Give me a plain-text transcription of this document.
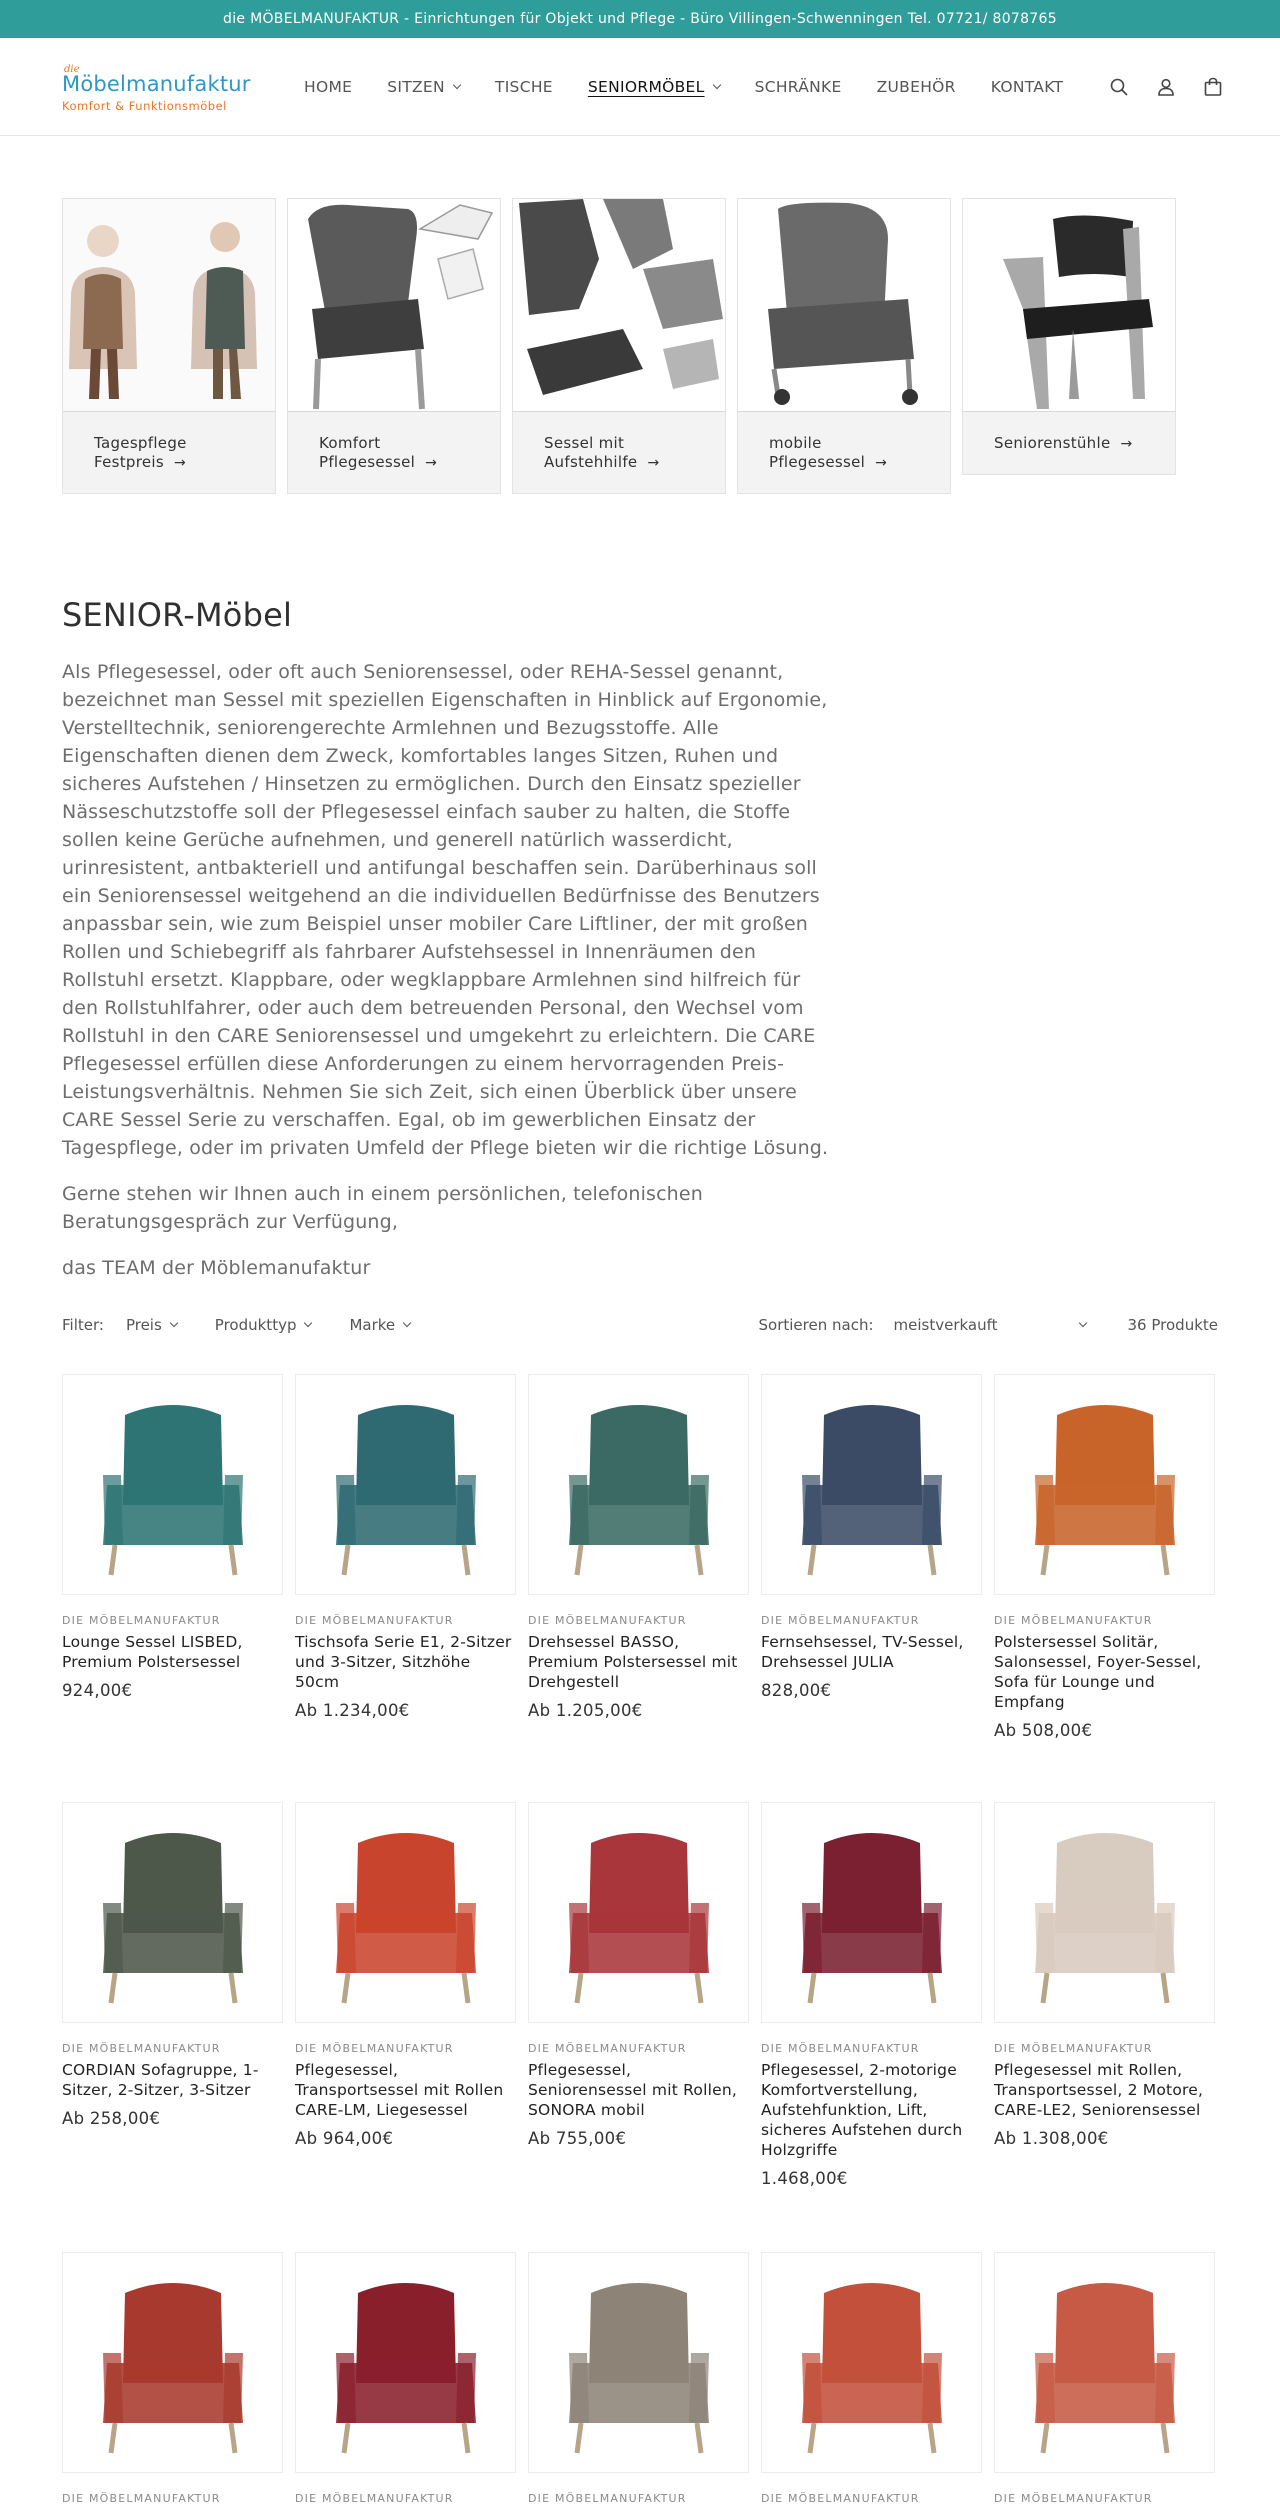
die MÖBELMANUFAKTUR - Einrichtungen für Objekt und Pflege - Büro Villingen-Schwenningen Tel. 07721/ 8078765
die
Möbelmanufaktur
Komfort & Funktionsmöbel
HOME SITZEN	TISCHE SENIORMÖBEL	SCHRÄNKE ZUBEHÖR KONTAKT
Tagespflege Festpreis →
Komfort Pflegesessel →
Sessel mit Aufstehhilfe →
mobile Pflegesessel →
Seniorenstühle →
SENIOR-Möbel

Als Pflegesessel, oder oft auch Seniorensessel, oder REHA-Sessel genannt, bezeichnet man Sessel mit speziellen Eigenschaften in Hinblick auf Ergonomie, Verstelltechnik, seniorengerechte Armlehnen und Bezugsstoffe. Alle Eigenschaften dienen dem Zweck, komfortables langes Sitzen, Ruhen und sicheres Aufstehen / Hinsetzen zu ermöglichen. Durch den Einsatz spezieller Nässeschutzstoffe soll der Pflegesessel einfach sauber zu halten, die Stoffe sollen keine Gerüche aufnehmen, und generell natürlich wasserdicht, urinresistent, antbakteriell und antifungal beschaffen sein. Darüberhinaus soll ein Seniorensessel weitgehend an die individuellen Bedürfnisse des Benutzers anpassbar sein, wie zum Beispiel unser mobiler Care Liftliner, der mit großen Rollen und Schiebegriff als fahrbarer Aufstehsessel in Innenräumen den Rollstuhl ersetzt. Klappbare, oder wegklappbare Armlehnen sind hilfreich für den Rollstuhlfahrer, oder auch dem betreuenden Personal, den Wechsel vom Rollstuhl in den CARE Seniorensessel und umgekehrt zu erleichtern. Die CARE Pflegesessel erfüllen diese Anforderungen zu einem hervorragenden Preis-Leistungsverhältnis. Nehmen Sie sich Zeit, sich einen Überblick über unsere CARE Sessel Serie zu verschaffen. Egal, ob im gewerblichen Einsatz der Tagespflege, oder im privaten Umfeld der Pflege bieten wir die richtige Lösung.

Gerne stehen wir Ihnen auch in einem persönlichen, telefonischen Beratungsgespräch zur Verfügung,

das TEAM der Möblemanufaktur

Filter: Preis	Produkttyp	Marke	Sortieren nach: meistverkauft	36 Produkte
DIE MÖBELMANUFAKTUR
Lounge Sessel LISBED, Premium Polstersessel
924,00€
DIE MÖBELMANUFAKTUR
Tischsofa Serie E1, 2-Sitzer und 3-Sitzer, Sitzhöhe 50cm
Ab 1.234,00€
DIE MÖBELMANUFAKTUR
Drehsessel BASSO, Premium Polstersessel mit Drehgestell
Ab 1.205,00€
DIE MÖBELMANUFAKTUR
Fernsehsessel, TV-Sessel, Drehsessel JULIA
828,00€
DIE MÖBELMANUFAKTUR
Polstersessel Solitär, Salonsessel, Foyer-Sessel, Sofa für Lounge und Empfang
Ab 508,00€
DIE MÖBELMANUFAKTUR
CORDIAN Sofagruppe, 1-Sitzer, 2-Sitzer, 3-Sitzer
Ab 258,00€
DIE MÖBELMANUFAKTUR
Pflegesessel, Transportsessel mit Rollen CARE-LM, Liegesessel
Ab 964,00€
DIE MÖBELMANUFAKTUR
Pflegesessel, Seniorensessel mit Rollen, SONORA mobil
Ab 755,00€
DIE MÖBELMANUFAKTUR
Pflegesessel, 2-motorige Komfortverstellung, Aufstehfunktion, Lift, sicheres Aufstehen durch Holzgriffe
1.468,00€
DIE MÖBELMANUFAKTUR
Pflegesessel mit Rollen, Transportsessel, 2 Motore, CARE-LE2, Seniorensessel
Ab 1.308,00€
DIE MÖBELMANUFAKTUR	DIE MÖBELMANUFAKTUR	DIE MÖBELMANUFAKTUR	DIE MÖBELMANUFAKTUR	DIE MÖBELMANUFAKTUR
